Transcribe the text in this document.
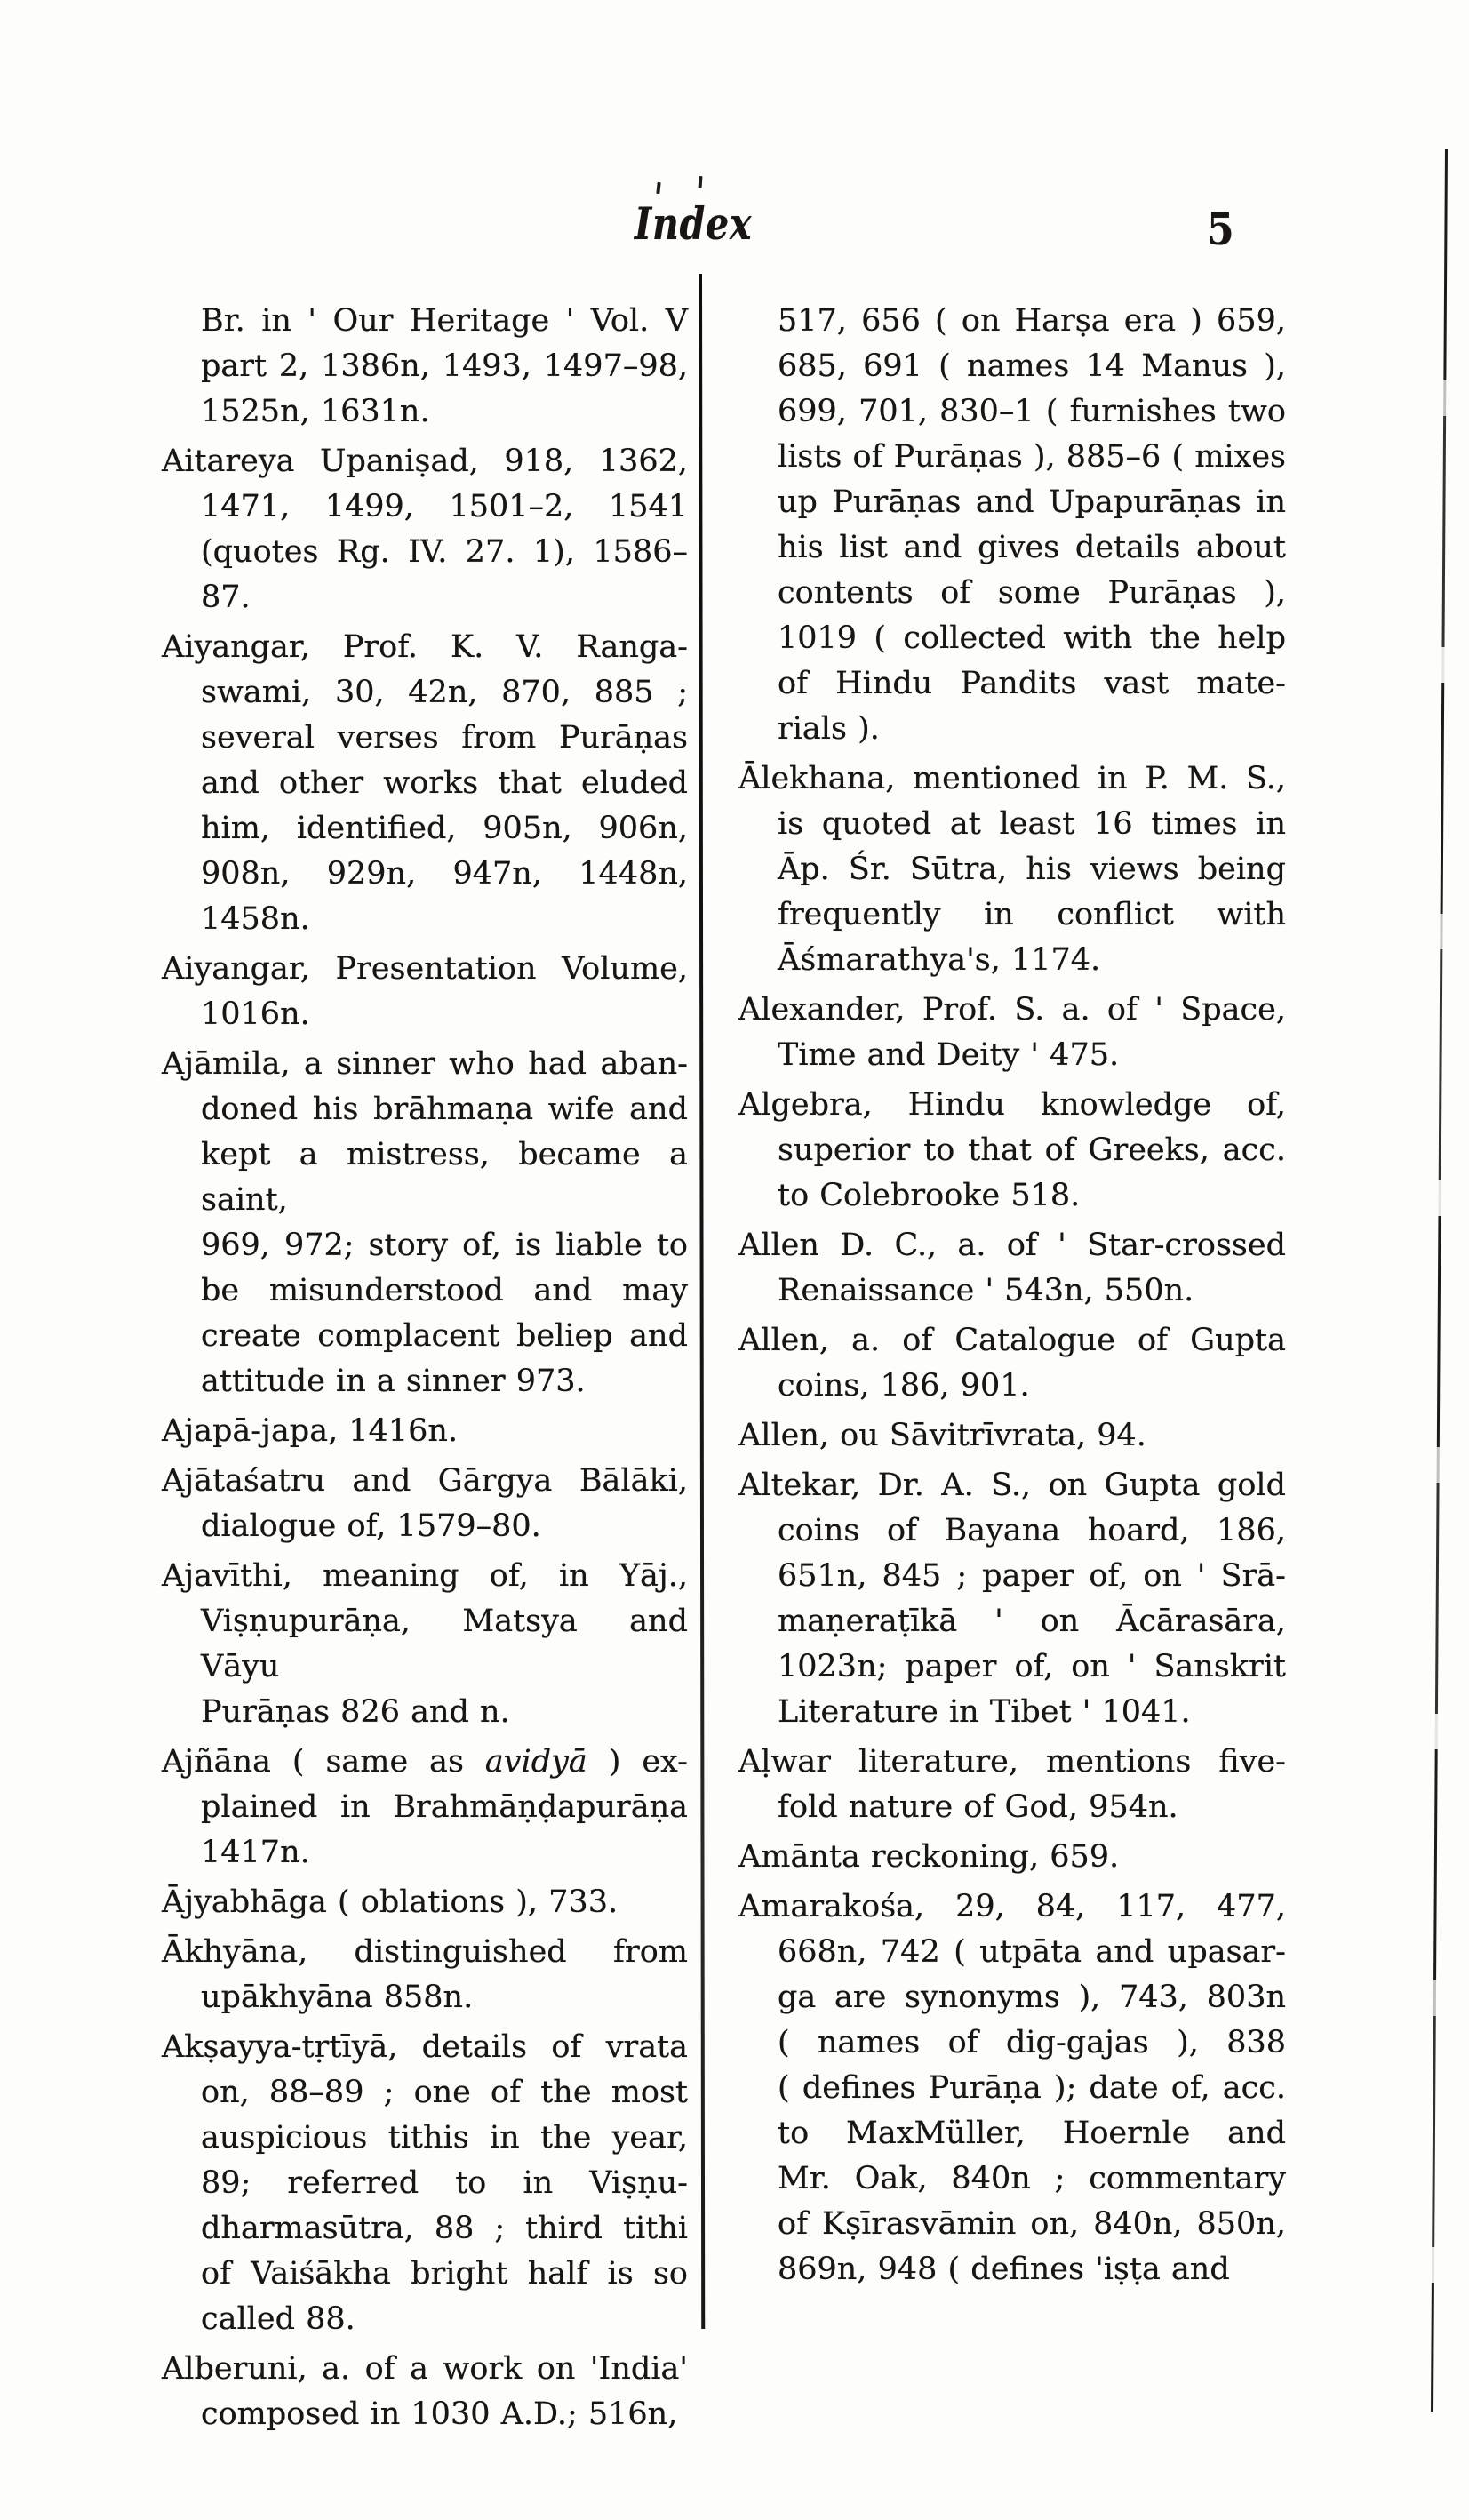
Index	5
Br. in ' Our Heritage ' Vol. V
part 2, 1386n, 1493, 1497–98,
1525n, 1631n.
Aitareya Upaniṣad, 918, 1362,
1471, 1499, 1501–2, 1541
(quotes Rg. IV. 27. 1), 1586–87.
Aiyangar, Prof. K. V. Ranga-
swami, 30, 42n, 870, 885 ;
several verses from Purāṇas
and other works that eluded
him, identified, 905n, 906n,
908n, 929n, 947n, 1448n,
1458n.
Aiyangar, Presentation Volume,
1016n.
Ajāmila, a sinner who had aban-
doned his brāhmaṇa wife and
kept a mistress, became a saint,
969, 972; story of, is liable to
be misunderstood and may
create complacent beliep and
attitude in a sinner 973.
Ajapā-japa, 1416n.
Ajātaśatru and Gārgya Bālāki,
dialogue of, 1579–80.
Ajavīthi, meaning of, in Yāj.,
Viṣṇupurāṇa, Matsya and Vāyu
Purāṇas 826 and n.
Ajñāna ( same as avidyā ) ex-
plained in Brahmāṇḍapurāṇa
1417n.
Ājyabhāga ( oblations ), 733.
Ākhyāna, distinguished from
upākhyāna 858n.
Akṣayya-tṛtīyā, details of vrata
on, 88–89 ; one of the most
auspicious tithis in the year,
89; referred to in Viṣṇu-
dharmasūtra, 88 ; third tithi
of Vaiśākha bright half is so
called 88.
Alberuni, a. of a work on 'India'
composed in 1030 A.D.; 516n,
517, 656 ( on Harṣa era ) 659,
685, 691 ( names 14 Manus ),
699, 701, 830–1 ( furnishes two
lists of Purāṇas ), 885–6 ( mixes
up Purāṇas and Upapurāṇas in
his list and gives details about
contents of some Purāṇas ),
1019 ( collected with the help
of Hindu Pandits vast mate-
rials ).
Ālekhana, mentioned in P. M. S.,
is quoted at least 16 times in
Āp. Śr. Sūtra, his views being
frequently in conflict with
Āśmarathya's, 1174.
Alexander, Prof. S. a. of ' Space,
Time and Deity ' 475.
Algebra, Hindu knowledge of,
superior to that of Greeks, acc.
to Colebrooke 518.
Allen D. C., a. of ' Star-crossed
Renaissance ' 543n, 550n.
Allen, a. of Catalogue of Gupta
coins, 186, 901.
Allen, ou Sāvitrīvrata, 94.
Altekar, Dr. A. S., on Gupta gold
coins of Bayana hoard, 186,
651n, 845 ; paper of, on ' Srā-
maṇeraṭīkā ' on Ācārasāra,
1023n; paper of, on ' Sanskrit
Literature in Tibet ' 1041.
Aḷwar literature, mentions five-
fold nature of God, 954n.
Amānta reckoning, 659.
Amarakośa, 29, 84, 117, 477,
668n, 742 ( utpāta and upasar-
ga are synonyms ), 743, 803n
( names of dig-gajas ), 838
( defines Purāṇa ); date of, acc.
to MaxMüller, Hoernle and
Mr. Oak, 840n ; commentary
of Kṣīrasvāmin on, 840n, 850n,
869n, 948 ( defines 'iṣṭa and
